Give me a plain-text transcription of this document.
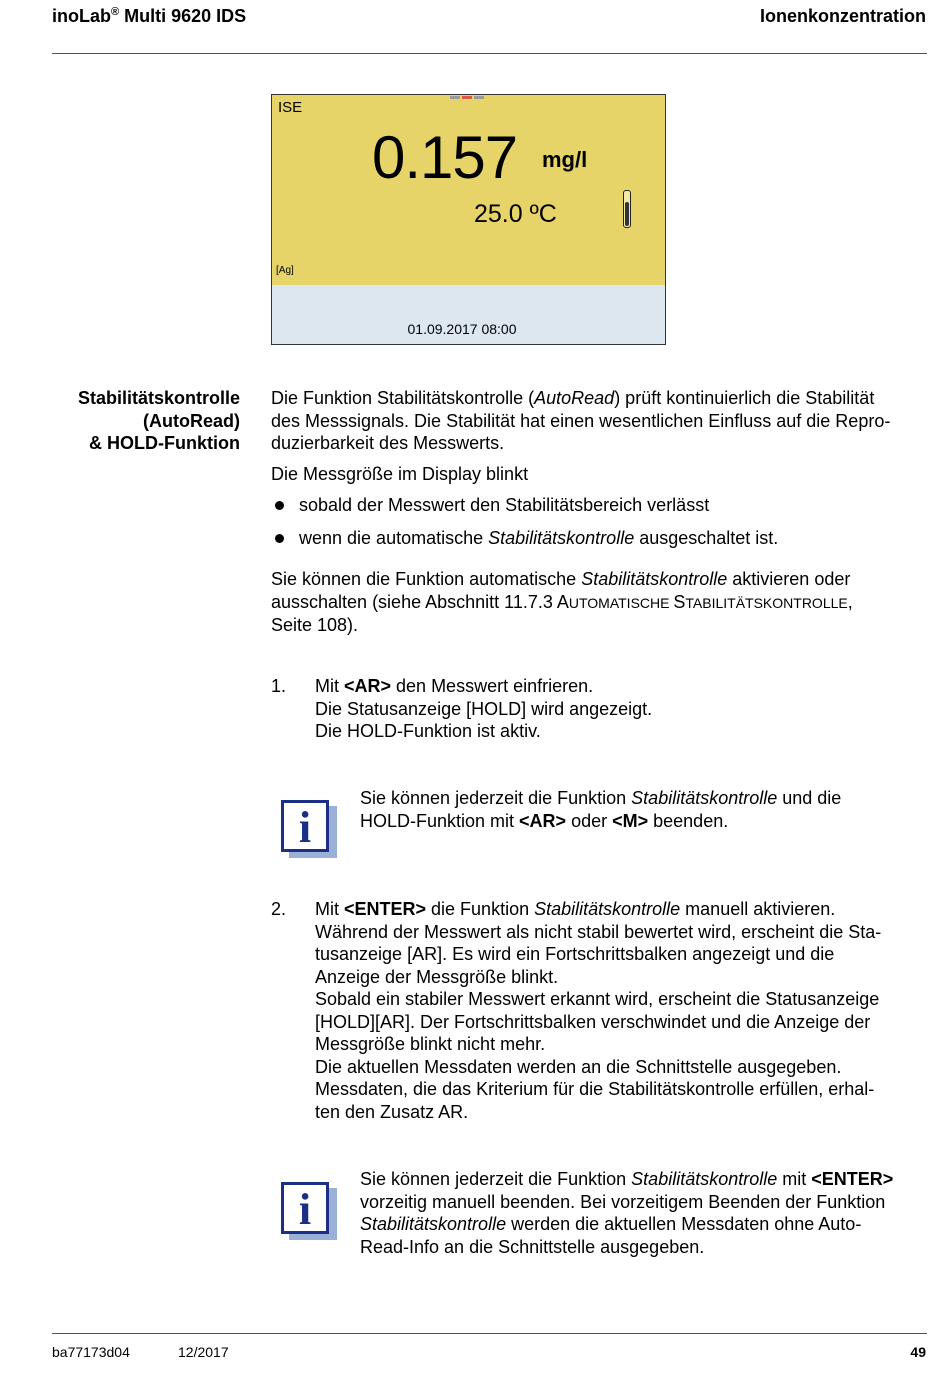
inoLab® Multi 9620 IDS	Ionenkonzentration
ISE
0.157 mg/l
25.0 ºC
[Ag]
01.09.2017 08:00
Stabilitätskontrolle
(AutoRead)
& HOLD-Funktion
Die Funktion Stabilitätskontrolle (AutoRead) prüft kontinuierlich die Stabilität
des Messsignals. Die Stabilität hat einen wesentlichen Einfluss auf die Repro-
duzierbarkeit des Messwerts.
Die Messgröße im Display blinkt
sobald der Messwert den Stabilitätsbereich verlässt
wenn die automatische Stabilitätskontrolle ausgeschaltet ist.
Sie können die Funktion automatische Stabilitätskontrolle aktivieren oder
ausschalten (siehe Abschnitt 11.7.3 AUTOMATISCHE STABILITÄTSKONTROLLE,
Seite 108).
1. Mit <AR> den Messwert einfrieren.
Die Statusanzeige [HOLD] wird angezeigt.
Die HOLD-Funktion ist aktiv.
i
Sie können jederzeit die Funktion Stabilitätskontrolle und die
HOLD-Funktion mit <AR> oder <M> beenden.
2. Mit <ENTER> die Funktion Stabilitätskontrolle manuell aktivieren.
Während der Messwert als nicht stabil bewertet wird, erscheint die Sta-
tusanzeige [AR]. Es wird ein Fortschrittsbalken angezeigt und die
Anzeige der Messgröße blinkt.
Sobald ein stabiler Messwert erkannt wird, erscheint die Statusanzeige
[HOLD][AR]. Der Fortschrittsbalken verschwindet und die Anzeige der
Messgröße blinkt nicht mehr.
Die aktuellen Messdaten werden an die Schnittstelle ausgegeben.
Messdaten, die das Kriterium für die Stabilitätskontrolle erfüllen, erhal-
ten den Zusatz AR.
i
Sie können jederzeit die Funktion Stabilitätskontrolle mit <ENTER>
vorzeitig manuell beenden. Bei vorzeitigem Beenden der Funktion
Stabilitätskontrolle werden die aktuellen Messdaten ohne Auto-
Read-Info an die Schnittstelle ausgegeben.
ba77173d04	12/2017	49
